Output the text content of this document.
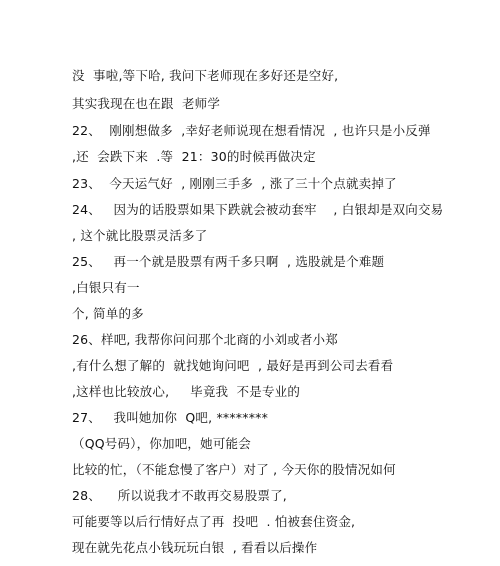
没  事啦,等下哈, 我问下老师现在多好还是空好,
其实我现在也在跟  老师学
22、  刚刚想做多  ,幸好老师说现在想看情况  , 也许只是小反弹
,还  会跌下来  .等  21：30的时候再做决定
23、  今天运气好  , 刚刚三手多  , 涨了三十个点就卖掉了
24、   因为的话股票如果下跌就会被动套牢    , 白银却是双向交易
, 这个就比股票灵活多了
25、   再一个就是股票有两千多只啊  , 选股就是个难题
,白银只有一
个, 简单的多
26、样吧, 我帮你问问那个北商的小刘或者小郑
,有什么想了解的  就找她询问吧  , 最好是再到公司去看看
,这样也比较放心,     毕竟我  不是专业的
27、   我叫她加你  Q吧, ********
（QQ号码），你加吧，她可能会
比较的忙，（不能怠慢了客户）对了 , 今天你的股情况如何
28、    所以说我才不敢再交易股票了,
可能要等以后行情好点了再  投吧  . 怕被套住资金,
现在就先花点小钱玩玩白银  , 看看以后操作
